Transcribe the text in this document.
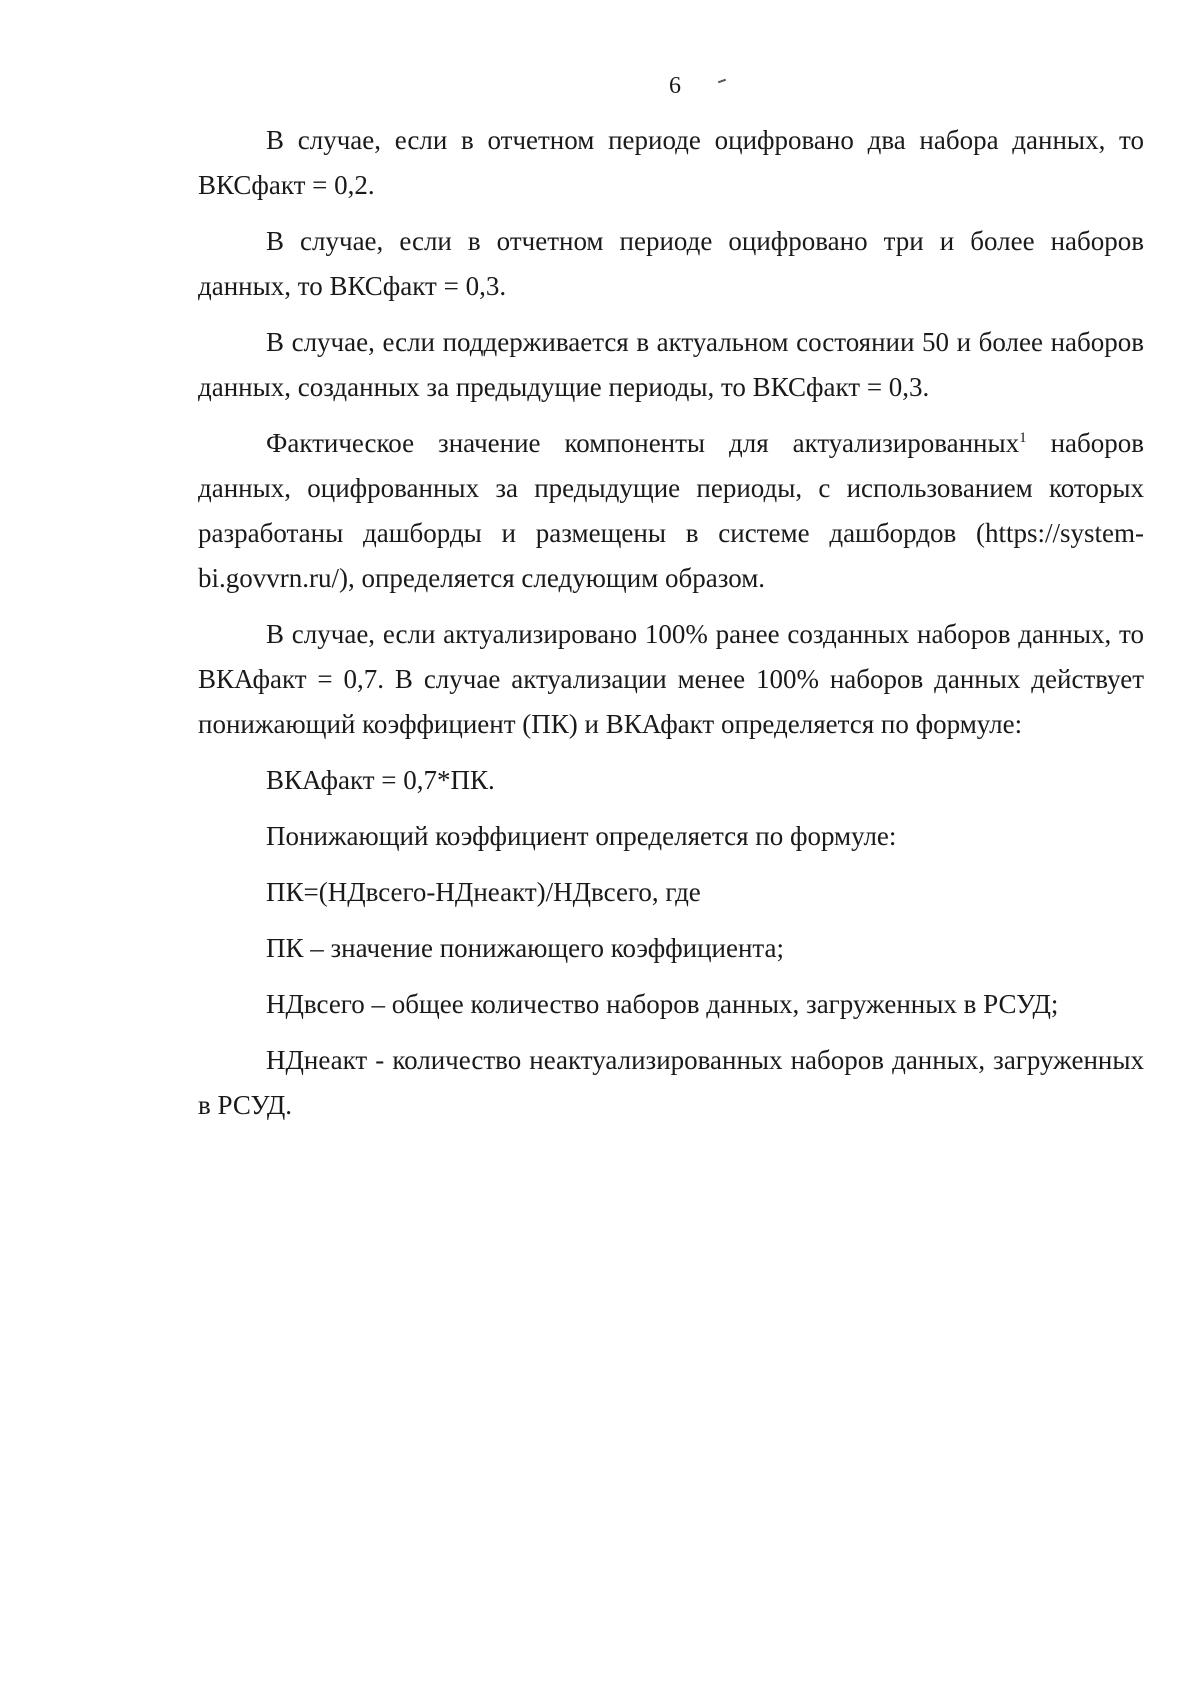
6

В случае, если в отчетном периоде оцифровано два набора данных, то ВКСфакт = 0,2.

В случае, если в отчетном периоде оцифровано три и более наборов данных, то ВКСфакт = 0,3.

В случае, если поддерживается в актуальном состоянии 50 и более наборов данных, созданных за предыдущие периоды, то ВКСфакт = 0,3.

Фактическое значение компоненты для актуализированных$^1$ наборов данных, оцифрованных за предыдущие периоды, с использованием которых разработаны дашборды и размещены в системе дашбордов (https://system-bi.govvrn.ru/), определяется следующим образом.

В случае, если актуализировано 100% ранее созданных наборов данных, то ВКАфакт = 0,7. В случае актуализации менее 100% наборов данных действует понижающий коэффициент (ПК) и ВКАфакт определяется по формуле:

ВКАфакт = 0,7*ПК.

Понижающий коэффициент определяется по формуле:

ПК=(НДвсего-НДнеакт)/НДвсего, где

ПК – значение понижающего коэффициента;

НДвсего – общее количество наборов данных, загруженных в РСУД;

НДнеакт - количество неактуализированных наборов данных, загруженных в РСУД.
